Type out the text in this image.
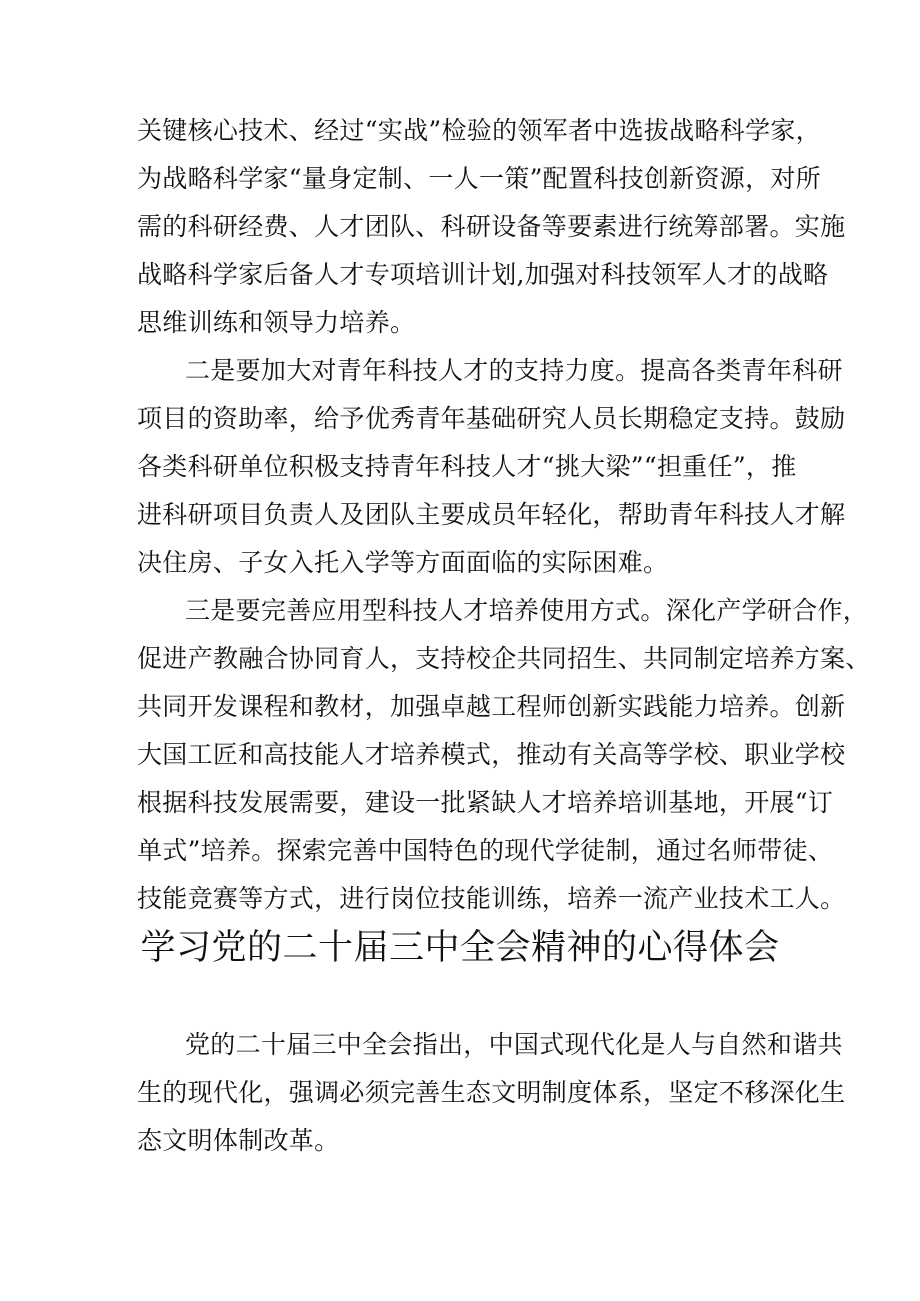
关键核心技术、经过“实战”检验的领军者中选拔战略科学家，
为战略科学家“量身定制、一人一策”配置科技创新资源，对所
需的科研经费、人才团队、科研设备等要素进行统筹部署。实施
战略科学家后备人才专项培训计划,加强对科技领军人才的战略
思维训练和领导力培养。
二是要加大对青年科技人才的支持力度。提高各类青年科研
项目的资助率，给予优秀青年基础研究人员长期稳定支持。鼓励
各类科研单位积极支持青年科技人才“挑大梁”“担重任”，推
进科研项目负责人及团队主要成员年轻化，帮助青年科技人才解
决住房、子女入托入学等方面面临的实际困难。
三是要完善应用型科技人才培养使用方式。深化产学研合作，
促进产教融合协同育人，支持校企共同招生、共同制定培养方案、
共同开发课程和教材，加强卓越工程师创新实践能力培养。创新
大国工匠和高技能人才培养模式，推动有关高等学校、职业学校
根据科技发展需要，建设一批紧缺人才培养培训基地，开展“订
单式”培养。探索完善中国特色的现代学徒制，通过名师带徒、
技能竞赛等方式，进行岗位技能训练，培养一流产业技术工人。
学习党的二十届三中全会精神的心得体会
党的二十届三中全会指出，中国式现代化是人与自然和谐共
生的现代化，强调必须完善生态文明制度体系，坚定不移深化生
态文明体制改革。
